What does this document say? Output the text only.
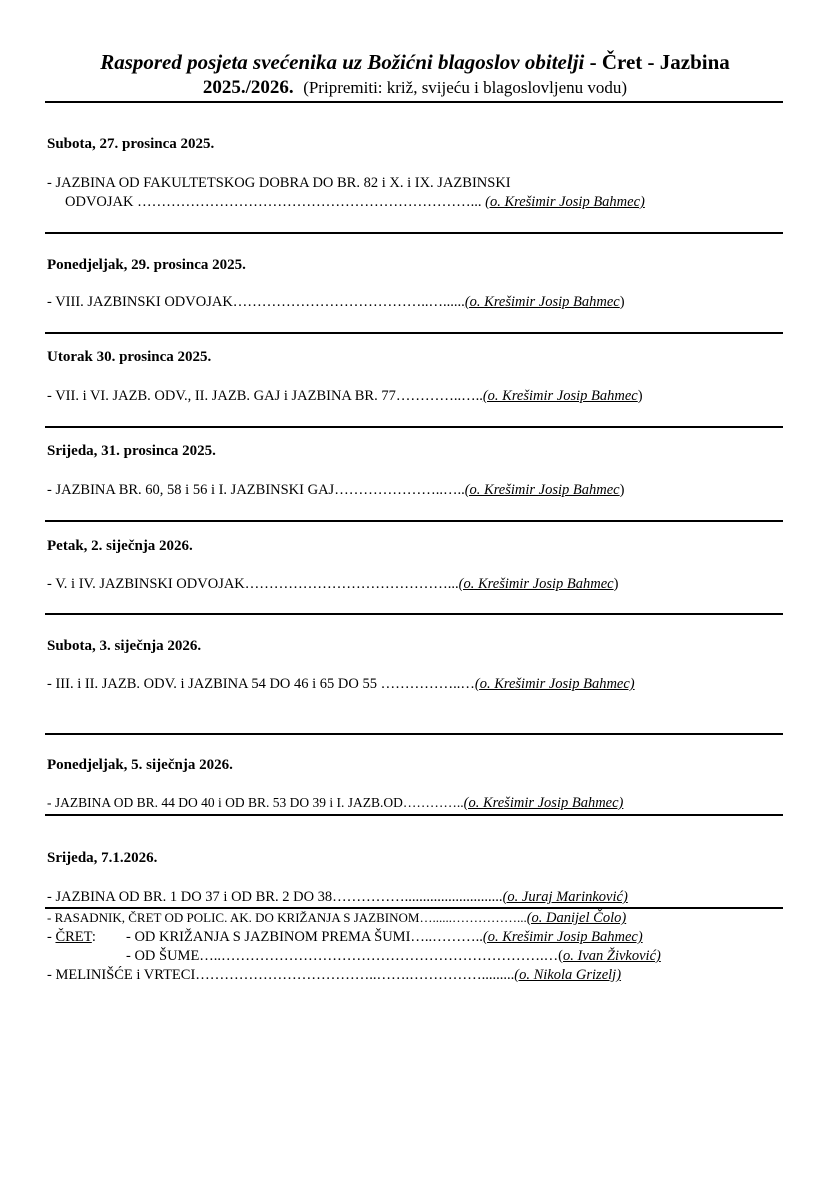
Raspored posjeta svećenika uz Božićni blagoslov obitelji - Čret - Jazbina
2025./2026. (Pripremiti: križ, svijeću i blagoslovljenu vodu)
Subota, 27. prosinca 2025.
- JAZBINA OD FAKULTETSKOG DOBRA DO BR. 82 i X. i IX. JAZBINSKI
ODVOJAK ……………………………………………………………... (o. Krešimir Josip Bahmec)
Ponedjeljak, 29. prosinca 2025.
- VIII. JAZBINSKI ODVOJAK…………………………………..…......(o. Krešimir Josip Bahmec)
Utorak 30. prosinca 2025.
- VII. i VI. JAZB. ODV., II. JAZB. GAJ i JAZBINA BR. 77…………..…..(o. Krešimir Josip Bahmec)
Srijeda, 31. prosinca 2025.
- JAZBINA BR. 60, 58 i 56 i I. JAZBINSKI GAJ…………………..…..(o. Krešimir Josip Bahmec)
Petak, 2. siječnja 2026.
- V. i IV. JAZBINSKI ODVOJAK……………………………………...(o. Krešimir Josip Bahmec)
Subota, 3. siječnja 2026.
- III. i II. JAZB. ODV. i JAZBINA 54 DO 46 i 65 DO 55 ……………..…(o. Krešimir Josip Bahmec)
Ponedjeljak, 5. siječnja 2026.
- JAZBINA OD BR. 44 DO 40 i OD BR. 53 DO 39 i I. JAZB.OD…………..(o. Krešimir Josip Bahmec)
Srijeda, 7.1.2026.
- JAZBINA OD BR. 1 DO 37 i OD BR. 2 DO 38……………...........................(o. Juraj Marinković)
- RASADNIK, ČRET OD POLIC. AK. DO KRIŽANJA S JAZBINOM…......……………...(o. Danijel Čolo)
- ČRET: - OD KRIŽANJA S JAZBINOM PREMA ŠUMI…..………..(o. Krešimir Josip Bahmec)
- OD ŠUME…..………………………………………………………….…(o. Ivan Živković)
- MELINIŠĆE i VRTECI………………………………..…….…………….........(o. Nikola Grizelj)
